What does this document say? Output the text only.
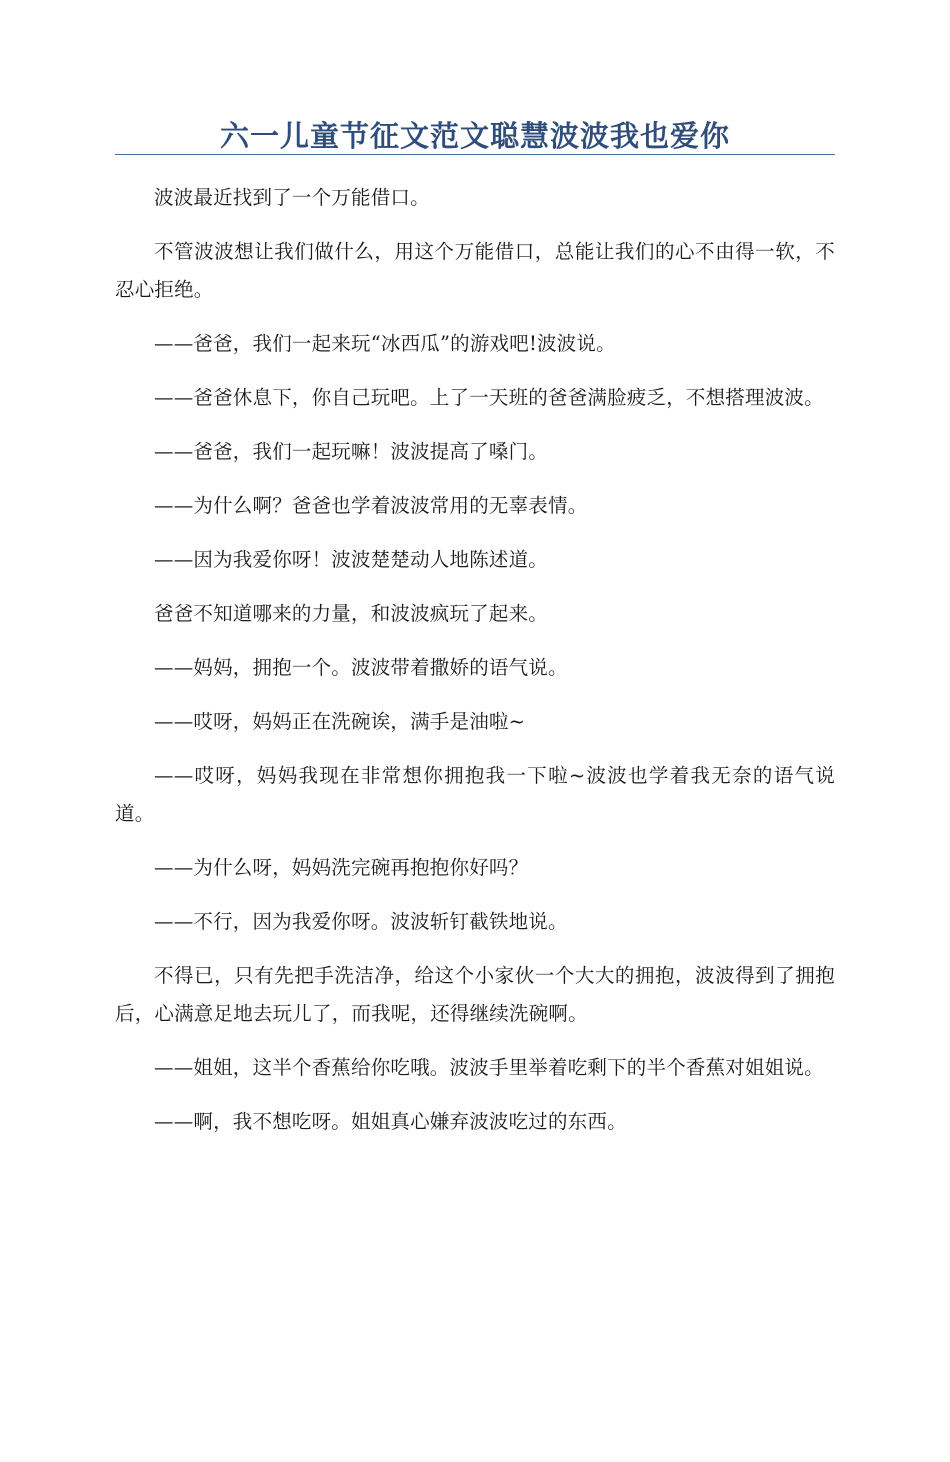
六一儿童节征文范文聪慧波波我也爱你

波波最近找到了一个万能借口。

不管波波想让我们做什么，用这个万能借口，总能让我们的心不由得一软，不忍心拒绝。

——爸爸，我们一起来玩“冰西瓜”的游戏吧!波波说。

——爸爸休息下，你自己玩吧。上了一天班的爸爸满脸疲乏，不想搭理波波。

——爸爸，我们一起玩嘛！波波提高了嗓门。

——为什么啊？爸爸也学着波波常用的无辜表情。

——因为我爱你呀！波波楚楚动人地陈述道。

爸爸不知道哪来的力量，和波波疯玩了起来。

——妈妈，拥抱一个。波波带着撒娇的语气说。

——哎呀，妈妈正在洗碗诶，满手是油啦~

——哎呀，妈妈我现在非常想你拥抱我一下啦~波波也学着我无奈的语气说道。

——为什么呀，妈妈洗完碗再抱抱你好吗？

——不行，因为我爱你呀。波波斩钉截铁地说。

不得已，只有先把手洗洁净，给这个小家伙一个大大的拥抱，波波得到了拥抱后，心满意足地去玩儿了，而我呢，还得继续洗碗啊。

——姐姐，这半个香蕉给你吃哦。波波手里举着吃剩下的半个香蕉对姐姐说。

——啊，我不想吃呀。姐姐真心嫌弃波波吃过的东西。
